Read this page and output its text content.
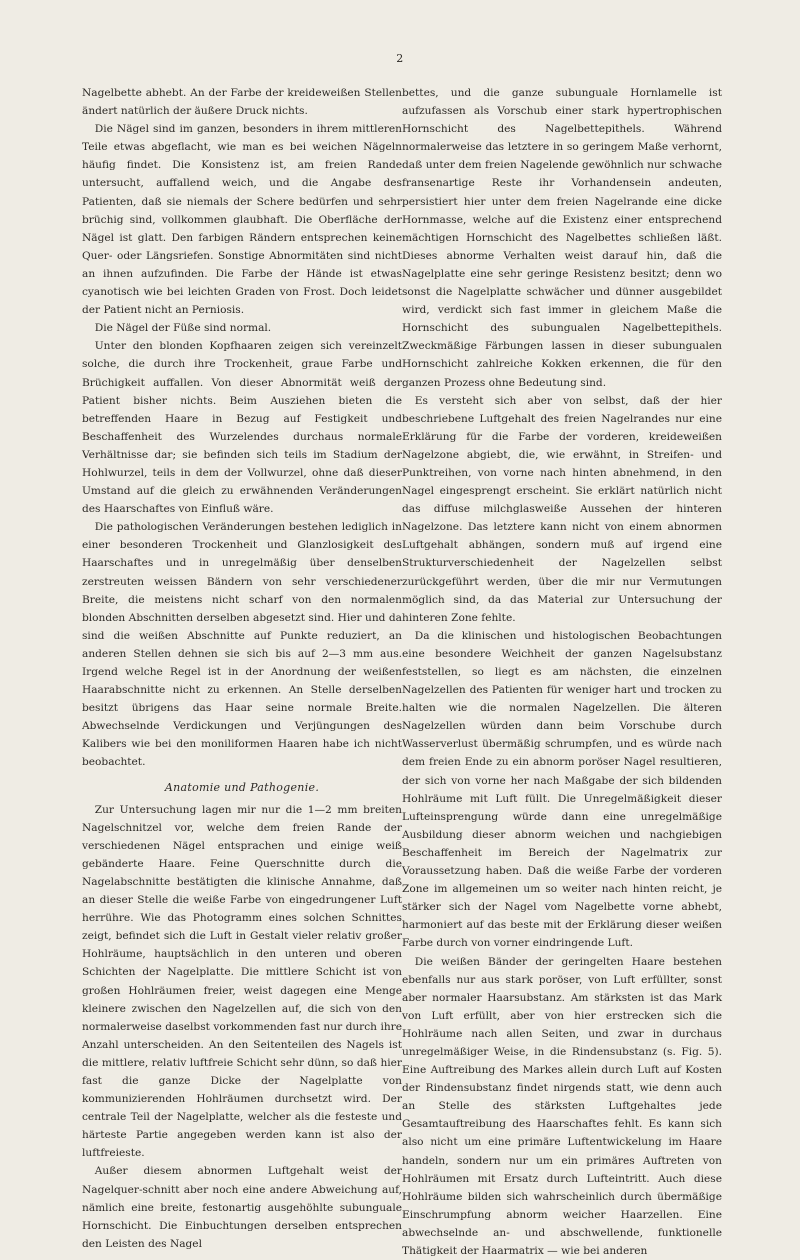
2

Nagelbette abhebt. An der Farbe der kreideweißen Stellen ändert natürlich der äußere Druck nichts.

Die Nägel sind im ganzen, besonders in ihrem mittleren Teile etwas abgeflacht, wie man es bei weichen Nägeln häufig findet. Die Konsistenz ist, am freien Rande untersucht, auffallend weich, und die Angabe des Patienten, daß sie niemals der Schere bedürfen und sehr brüchig sind, vollkommen glaubhaft. Die Oberfläche der Nägel ist glatt. Den farbigen Rändern entsprechen keine Quer- oder Längsriefen. Sonstige Abnormitäten sind nicht an ihnen aufzufinden. Die Farbe der Hände ist etwas cyanotisch wie bei leichten Graden von Frost. Doch leidet der Patient nicht an Perniosis.

Die Nägel der Füße sind normal.

Unter den blonden Kopfhaaren zeigen sich vereinzelt solche, die durch ihre Trockenheit, graue Farbe und Brüchigkeit auffallen. Von dieser Abnormität weiß der Patient bisher nichts. Beim Ausziehen bieten die betreffenden Haare in Bezug auf Festigkeit und Beschaffenheit des Wurzelendes durchaus normale Verhältnisse dar; sie befinden sich teils im Stadium der Hohlwurzel, teils in dem der Vollwurzel, ohne daß dieser Umstand auf die gleich zu erwähnenden Veränderungen des Haarschaftes von Einfluß wäre.

Die pathologischen Veränderungen bestehen lediglich in einer besonderen Trockenheit und Glanzlosigkeit des Haarschaftes und in unregelmäßig über denselben zerstreuten weissen Bändern von sehr verschiedener Breite, die meistens nicht scharf von den normalen blonden Abschnitten derselben abgesetzt sind. Hier und da sind die weißen Abschnitte auf Punkte reduziert, an anderen Stellen dehnen sie sich bis auf 2—3 mm aus. Irgend welche Regel ist in der Anordnung der weißen Haarabschnitte nicht zu erkennen. An Stelle derselben besitzt übrigens das Haar seine normale Breite. Abwechselnde Verdickungen und Verjüngungen des Kalibers wie bei den moniliformen Haaren habe ich nicht beobachtet.

Anatomie und Pathogenie.

Zur Untersuchung lagen mir nur die 1—2 mm breiten Nagelschnitzel vor, welche dem freien Rande der verschiedenen Nägel entsprachen und einige weiß gebänderte Haare. Feine Querschnitte durch die Nagelabschnitte bestätigten die klinische Annahme, daß an dieser Stelle die weiße Farbe von eingedrungener Luft herrühre. Wie das Photogramm eines solchen Schnittes zeigt, befindet sich die Luft in Gestalt vieler relativ großer Hohlräume, hauptsächlich in den unteren und oberen Schichten der Nagelplatte. Die mittlere Schicht ist von großen Hohlräumen freier, weist dagegen eine Menge kleinere zwischen den Nagelzellen auf, die sich von den normalerweise daselbst vorkommenden fast nur durch ihre Anzahl unterscheiden. An den Seitenteilen des Nagels ist die mittlere, relativ luftfreie Schicht sehr dünn, so daß hier fast die ganze Dicke der Nagelplatte von kommunizierenden Hohlräumen durchsetzt wird. Der centrale Teil der Nagelplatte, welcher als die festeste und härteste Partie angegeben werden kann ist also der luftfreieste.

Außer diesem abnormen Luftgehalt weist der Nagelquer-schnitt aber noch eine andere Abweichung auf, nämlich eine breite, festonartig ausgehöhlte subunguale Hornschicht. Die Einbuchtungen derselben entsprechen den Leisten des Nagel

bettes, und die ganze subunguale Hornlamelle ist aufzufassen als Vorschub einer stark hypertrophischen Hornschicht des Nagelbettepithels. Während normalerweise das letztere in so geringem Maße verhornt, daß unter dem freien Nagelende gewöhnlich nur schwache fransenartige Reste ihr Vorhandensein andeuten, persistiert hier unter dem freien Nagelrande eine dicke Hornmasse, welche auf die Existenz einer entsprechend mächtigen Hornschicht des Nagelbettes schließen läßt. Dieses abnorme Verhalten weist darauf hin, daß die Nagelplatte eine sehr geringe Resistenz besitzt; denn wo sonst die Nagelplatte schwächer und dünner ausgebildet wird, verdickt sich fast immer in gleichem Maße die Hornschicht des subungualen Nagelbettepithels. Zweckmäßige Färbungen lassen in dieser subungualen Hornschicht zahlreiche Kokken erkennen, die für den ganzen Prozess ohne Bedeutung sind.

Es versteht sich aber von selbst, daß der hier beschriebene Luftgehalt des freien Nagelrandes nur eine Erklärung für die Farbe der vorderen, kreideweißen Nagelzone abgiebt, die, wie erwähnt, in Streifen- und Punktreihen, von vorne nach hinten abnehmend, in den Nagel eingesprengt erscheint. Sie erklärt natürlich nicht das diffuse milchglasweiße Aussehen der hinteren Nagelzone. Das letztere kann nicht von einem abnormen Luftgehalt abhängen, sondern muß auf irgend eine Strukturverschiedenheit der Nagelzellen selbst zurückgeführt werden, über die mir nur Vermutungen möglich sind, da das Material zur Untersuchung der hinteren Zone fehlte.

Da die klinischen und histologischen Beobachtungen eine besondere Weichheit der ganzen Nagelsubstanz feststellen, so liegt es am nächsten, die einzelnen Nagelzellen des Patienten für weniger hart und trocken zu halten wie die normalen Nagelzellen. Die älteren Nagelzellen würden dann beim Vorschube durch Wasserverlust übermäßig schrumpfen, und es würde nach dem freien Ende zu ein abnorm poröser Nagel resultieren, der sich von vorne her nach Maßgabe der sich bildenden Hohlräume mit Luft füllt. Die Unregelmäßigkeit dieser Lufteinsprengung würde dann eine unregelmäßige Ausbildung dieser abnorm weichen und nachgiebigen Beschaffenheit im Bereich der Nagelmatrix zur Voraussetzung haben. Daß die weiße Farbe der vorderen Zone im allgemeinen um so weiter nach hinten reicht, je stärker sich der Nagel vom Nagelbette vorne abhebt, harmoniert auf das beste mit der Erklärung dieser weißen Farbe durch von vorner eindringende Luft.

Die weißen Bänder der geringelten Haare bestehen ebenfalls nur aus stark poröser, von Luft erfüllter, sonst aber normaler Haarsubstanz. Am stärksten ist das Mark von Luft erfüllt, aber von hier erstrecken sich die Hohlräume nach allen Seiten, und zwar in durchaus unregelmäßiger Weise, in die Rindensubstanz (s. Fig. 5). Eine Auftreibung des Markes allein durch Luft auf Kosten der Rindensubstanz findet nirgends statt, wie denn auch an Stelle des stärksten Luftgehaltes jede Gesamtauftreibung des Haarschaftes fehlt. Es kann sich also nicht um eine primäre Luftentwickelung im Haare handeln, sondern nur um ein primäres Auftreten von Hohlräumen mit Ersatz durch Lufteintritt. Auch diese Hohlräume bilden sich wahrscheinlich durch übermäßige Einschrumpfung abnorm weicher Haarzellen. Eine abwechselnde an- und abschwellende, funktionelle Thätigkeit der Haarmatrix — wie bei anderen
